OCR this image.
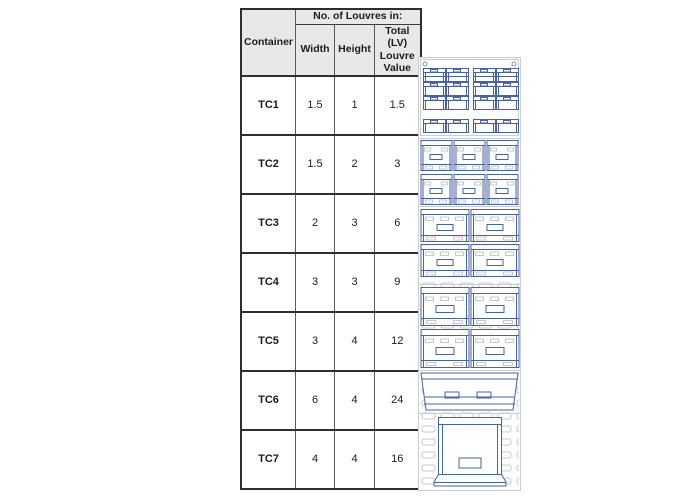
Container	No. of Louvres in:		
	Width	Height	Total (LV) Louvre Value
TC1	1.5	1	1.5
TC2	1.5	2	3
TC3	2	3	6
TC4	3	3	9
TC5	3	4	12
TC6	6	4	24
TC7	4	4	16
